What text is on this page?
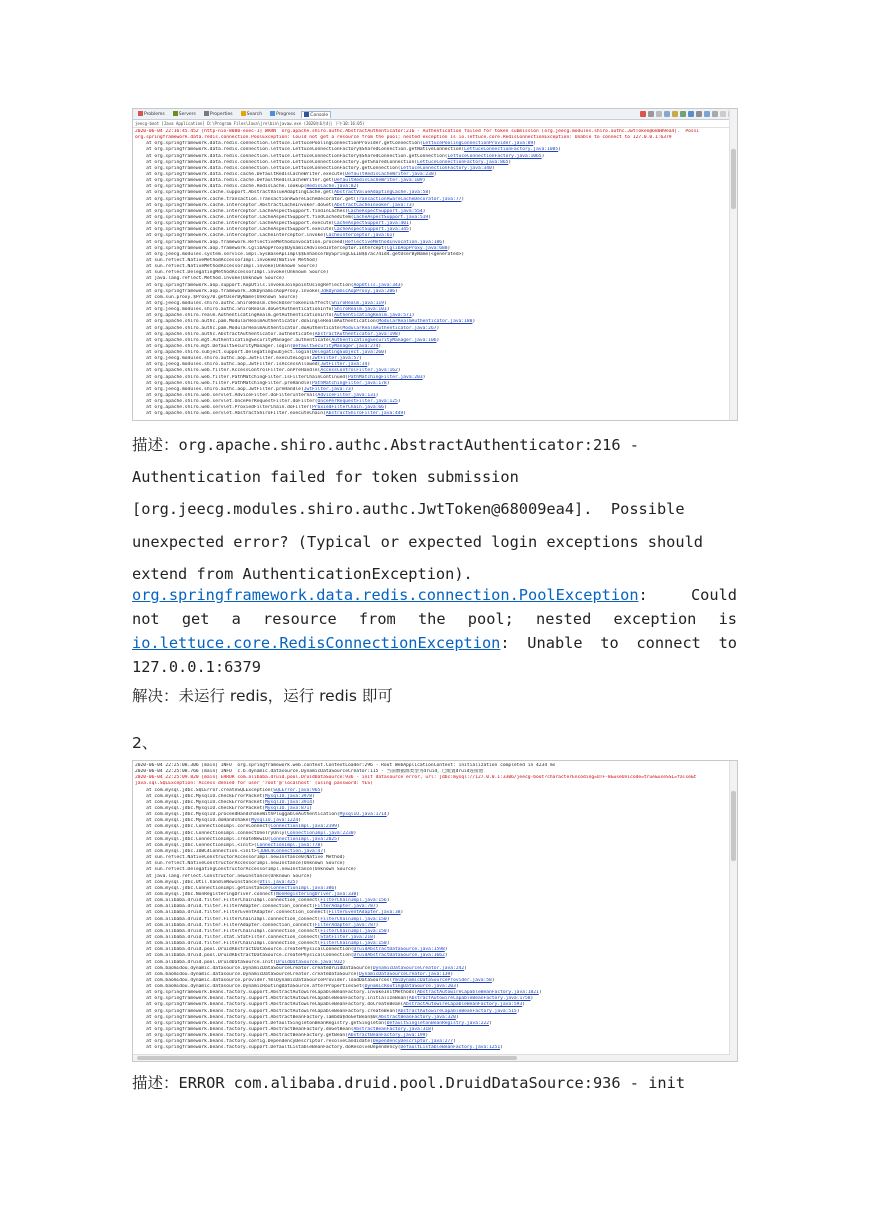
Problems	Servers	Properties	Search	Progress	Console
jeecg-boot [Java Application] D:\Program Files\Java\jre\bin\javaw.exe (2020年6月4日 下午10:16:05)
2020-06-04 22:16:45.452 [http-nio-8080-exec-1] WARN  org.apache.shiro.authc.AbstractAuthenticator:216 - Authentication failed for token submission [org.jeecg.modules.shiro.authc.JwtToken@68009ea4].  Possi
org.springframework.data.redis.connection.PoolException: Could not get a resource from the pool; nested exception is io.lettuce.core.RedisConnectionException: Unable to connect to 127.0.0.1:6379
at org.springframework.data.redis.connection.lettuce.LettucePoolingConnectionProvider.getConnection(LettucePoolingConnectionProvider.java:89)
at org.springframework.data.redis.connection.lettuce.LettuceConnectionFactory$SharedConnection.getNativeConnection(LettuceConnectionFactory.java:1085)
at org.springframework.data.redis.connection.lettuce.LettuceConnectionFactory$SharedConnection.getConnection(LettuceConnectionFactory.java:1065)
at org.springframework.data.redis.connection.lettuce.LettuceConnectionFactory.getSharedConnection(LettuceConnectionFactory.java:865)
at org.springframework.data.redis.connection.lettuce.LettuceConnectionFactory.getConnection(LettuceConnectionFactory.java:340)
at org.springframework.data.redis.cache.DefaultRedisCacheWriter.execute(DefaultRedisCacheWriter.java:238)
at org.springframework.data.redis.cache.DefaultRedisCacheWriter.get(DefaultRedisCacheWriter.java:109)
at org.springframework.data.redis.cache.RedisCache.lookup(RedisCache.java:82)
at org.springframework.cache.support.AbstractValueAdaptingCache.get(AbstractValueAdaptingCache.java:58)
at org.springframework.cache.transaction.TransactionAwareCacheDecorator.get(TransactionAwareCacheDecorator.java:77)
at org.springframework.cache.interceptor.AbstractCacheInvoker.doGet(AbstractCacheInvoker.java:73)
at org.springframework.cache.interceptor.CacheAspectSupport.findInCaches(CacheAspectSupport.java:554)
at org.springframework.cache.interceptor.CacheAspectSupport.findCachedItem(CacheAspectSupport.java:519)
at org.springframework.cache.interceptor.CacheAspectSupport.execute(CacheAspectSupport.java:401)
at org.springframework.cache.interceptor.CacheAspectSupport.execute(CacheAspectSupport.java:345)
at org.springframework.cache.interceptor.CacheInterceptor.invoke(CacheInterceptor.java:61)
at org.springframework.aop.framework.ReflectiveMethodInvocation.proceed(ReflectiveMethodInvocation.java:186)
at org.springframework.aop.framework.CglibAopProxy$DynamicAdvisedInterceptor.intercept(CglibAopProxy.java:688)
at org.jeecg.modules.system.service.impl.SysBaseApiImpl$$EnhancerBySpringCGLIB$$7ac741d4.getUserByName(<generated>)
at sun.reflect.NativeMethodAccessorImpl.invoke0(Native Method)
at sun.reflect.NativeMethodAccessorImpl.invoke(Unknown Source)
at sun.reflect.DelegatingMethodAccessorImpl.invoke(Unknown Source)
at java.lang.reflect.Method.invoke(Unknown Source)
at org.springframework.aop.support.AopUtils.invokeJoinpointUsingReflection(AopUtils.java:343)
at org.springframework.aop.framework.JdkDynamicAopProxy.invoke(JdkDynamicAopProxy.java:206)
at com.sun.proxy.$Proxy70.getUserByName(Unknown Source)
at org.jeecg.modules.shiro.authc.ShiroRealm.checkUserTokenIsEffect(ShiroRealm.java:119)
at org.jeecg.modules.shiro.authc.ShiroRealm.doGetAuthenticationInfo(ShiroRealm.java:101)
at org.apache.shiro.realm.AuthenticatingRealm.getAuthenticationInfo(AuthenticatingRealm.java:571)
at org.apache.shiro.authc.pam.ModularRealmAuthenticator.doSingleRealmAuthentication(ModularRealmAuthenticator.java:180)
at org.apache.shiro.authc.pam.ModularRealmAuthenticator.doAuthenticate(ModularRealmAuthenticator.java:267)
at org.apache.shiro.authc.AbstractAuthenticator.authenticate(AbstractAuthenticator.java:198)
at org.apache.shiro.mgt.AuthenticatingSecurityManager.authenticate(AuthenticatingSecurityManager.java:106)
at org.apache.shiro.mgt.DefaultSecurityManager.login(DefaultSecurityManager.java:274)
at org.apache.shiro.subject.support.DelegatingSubject.login(DelegatingSubject.java:260)
at org.jeecg.modules.shiro.authc.aop.JwtFilter.executeLogin(JwtFilter.java:57)
at org.jeecg.modules.shiro.authc.aop.JwtFilter.isAccessAllowed(JwtFilter.java:34)
at org.apache.shiro.web.filter.AccessControlFilter.onPreHandle(AccessControlFilter.java:162)
at org.apache.shiro.web.filter.PathMatchingFilter.isFilterChainContinued(PathMatchingFilter.java:203)
at org.apache.shiro.web.filter.PathMatchingFilter.preHandle(PathMatchingFilter.java:178)
at org.jeecg.modules.shiro.authc.aop.JwtFilter.preHandle(JwtFilter.java:73)
at org.apache.shiro.web.servlet.AdviceFilter.doFilterInternal(AdviceFilter.java:131)
at org.apache.shiro.web.servlet.OncePerRequestFilter.doFilter(OncePerRequestFilter.java:125)
at org.apache.shiro.web.servlet.ProxiedFilterChain.doFilter(ProxiedFilterChain.java:66)
at org.apache.shiro.web.servlet.AbstractShiroFilter.executeChain(AbstractShiroFilter.java:449)
描述：org.apache.shiro.authc.AbstractAuthenticator:216 -
Authentication failed for token submission
[org.jeecg.modules.shiro.authc.JwtToken@68009ea4].  Possible
unexpected error? (Typical or expected login exceptions should
extend from AuthenticationException).
org.springframework.data.redis.connection.PoolException: Could not get a resource from the pool; nested exception is io.lettuce.core.RedisConnectionException: Unable to connect to 127.0.0.1:6379
解决：未运行 redis，运行 redis 即可
2、
2020-06-04 22:25:08.306 [main] INFO  org.springframework.web.context.ContextLoader:296 - Root WebApplicationContext: initialization completed in 4234 ms
2020-06-04 22:25:08.766 [main] INFO  c.b.dynamic.datasource.DynamicDataSourceCreator:115 - 当前数据源类型为druid，已配置druid连接池
2020-06-04 22:25:09.820 [main] ERROR com.alibaba.druid.pool.DruidDataSource:936 - init datasource error, url: jdbc:mysql://127.0.0.1:3306/jeecg-boot?characterEncoding=UTF-8&useUnicode=true&useSSL=false&t
java.sql.SQLException: Access denied for user 'root'@'localhost' (using password: YES)
at com.mysql.jdbc.SQLError.createSQLException(SQLError.java:965)
at com.mysql.jdbc.MysqlIO.checkErrorPacket(MysqlIO.java:3978)
at com.mysql.jdbc.MysqlIO.checkErrorPacket(MysqlIO.java:3914)
at com.mysql.jdbc.MysqlIO.checkErrorPacket(MysqlIO.java:871)
at com.mysql.jdbc.MysqlIO.proceedHandshakeWithPluggableAuthentication(MysqlIO.java:1714)
at com.mysql.jdbc.MysqlIO.doHandshake(MysqlIO.java:1224)
at com.mysql.jdbc.ConnectionImpl.coreConnect(ConnectionImpl.java:2199)
at com.mysql.jdbc.ConnectionImpl.connectOneTryOnly(ConnectionImpl.java:2230)
at com.mysql.jdbc.ConnectionImpl.createNewIO(ConnectionImpl.java:2025)
at com.mysql.jdbc.ConnectionImpl.<init>(ConnectionImpl.java:778)
at com.mysql.jdbc.JDBC4Connection.<init>(JDBC4Connection.java:47)
at sun.reflect.NativeConstructorAccessorImpl.newInstance0(Native Method)
at sun.reflect.NativeConstructorAccessorImpl.newInstance(Unknown Source)
at sun.reflect.DelegatingConstructorAccessorImpl.newInstance(Unknown Source)
at java.lang.reflect.Constructor.newInstance(Unknown Source)
at com.mysql.jdbc.Util.handleNewInstance(Util.java:425)
at com.mysql.jdbc.ConnectionImpl.getInstance(ConnectionImpl.java:386)
at com.mysql.jdbc.NonRegisteringDriver.connect(NonRegisteringDriver.java:330)
at com.alibaba.druid.filter.FilterChainImpl.connection_connect(FilterChainImpl.java:156)
at com.alibaba.druid.filter.FilterAdapter.connection_connect(FilterAdapter.java:787)
at com.alibaba.druid.filter.FilterEventAdapter.connection_connect(FilterEventAdapter.java:38)
at com.alibaba.druid.filter.FilterChainImpl.connection_connect(FilterChainImpl.java:150)
at com.alibaba.druid.filter.FilterAdapter.connection_connect(FilterAdapter.java:787)
at com.alibaba.druid.filter.FilterChainImpl.connection_connect(FilterChainImpl.java:150)
at com.alibaba.druid.filter.stat.StatFilter.connection_connect(StatFilter.java:218)
at com.alibaba.druid.filter.FilterChainImpl.connection_connect(FilterChainImpl.java:150)
at com.alibaba.druid.pool.DruidAbstractDataSource.createPhysicalConnection(DruidAbstractDataSource.java:1598)
at com.alibaba.druid.pool.DruidAbstractDataSource.createPhysicalConnection(DruidAbstractDataSource.java:1662)
at com.alibaba.druid.pool.DruidDataSource.init(DruidDataSource.java:932)
at com.baomidou.dynamic.datasource.DynamicDataSourceCreator.createDruidDataSource(DynamicDataSourceCreator.java:242)
at com.baomidou.dynamic.datasource.DynamicDataSourceCreator.createDataSource(DynamicDataSourceCreator.java:139)
at com.baomidou.dynamic.datasource.provider.YmlDynamicDataSourceProvider.loadDataSources(YmlDynamicDataSourceProvider.java:58)
at com.baomidou.dynamic.datasource.DynamicRoutingDataSource.afterPropertiesSet(DynamicRoutingDataSource.java:203)
at org.springframework.beans.factory.support.AbstractAutowireCapableBeanFactory.invokeInitMethods(AbstractAutowireCapableBeanFactory.java:1821)
at org.springframework.beans.factory.support.AbstractAutowireCapableBeanFactory.initializeBean(AbstractAutowireCapableBeanFactory.java:1758)
at org.springframework.beans.factory.support.AbstractAutowireCapableBeanFactory.doCreateBean(AbstractAutowireCapableBeanFactory.java:593)
at org.springframework.beans.factory.support.AbstractAutowireCapableBeanFactory.createBean(AbstractAutowireCapableBeanFactory.java:515)
at org.springframework.beans.factory.support.AbstractBeanFactory.lambda$doGetBean$0(AbstractBeanFactory.java:320)
at org.springframework.beans.factory.support.DefaultSingletonBeanRegistry.getSingleton(DefaultSingletonBeanRegistry.java:222)
at org.springframework.beans.factory.support.AbstractBeanFactory.doGetBean(AbstractBeanFactory.java:318)
at org.springframework.beans.factory.support.AbstractBeanFactory.getBean(AbstractBeanFactory.java:199)
at org.springframework.beans.factory.config.DependencyDescriptor.resolveCandidate(DependencyDescriptor.java:277)
at org.springframework.beans.factory.support.DefaultListableBeanFactory.doResolveDependency(DefaultListableBeanFactory.java:1251)
描述：ERROR com.alibaba.druid.pool.DruidDataSource:936 - init
